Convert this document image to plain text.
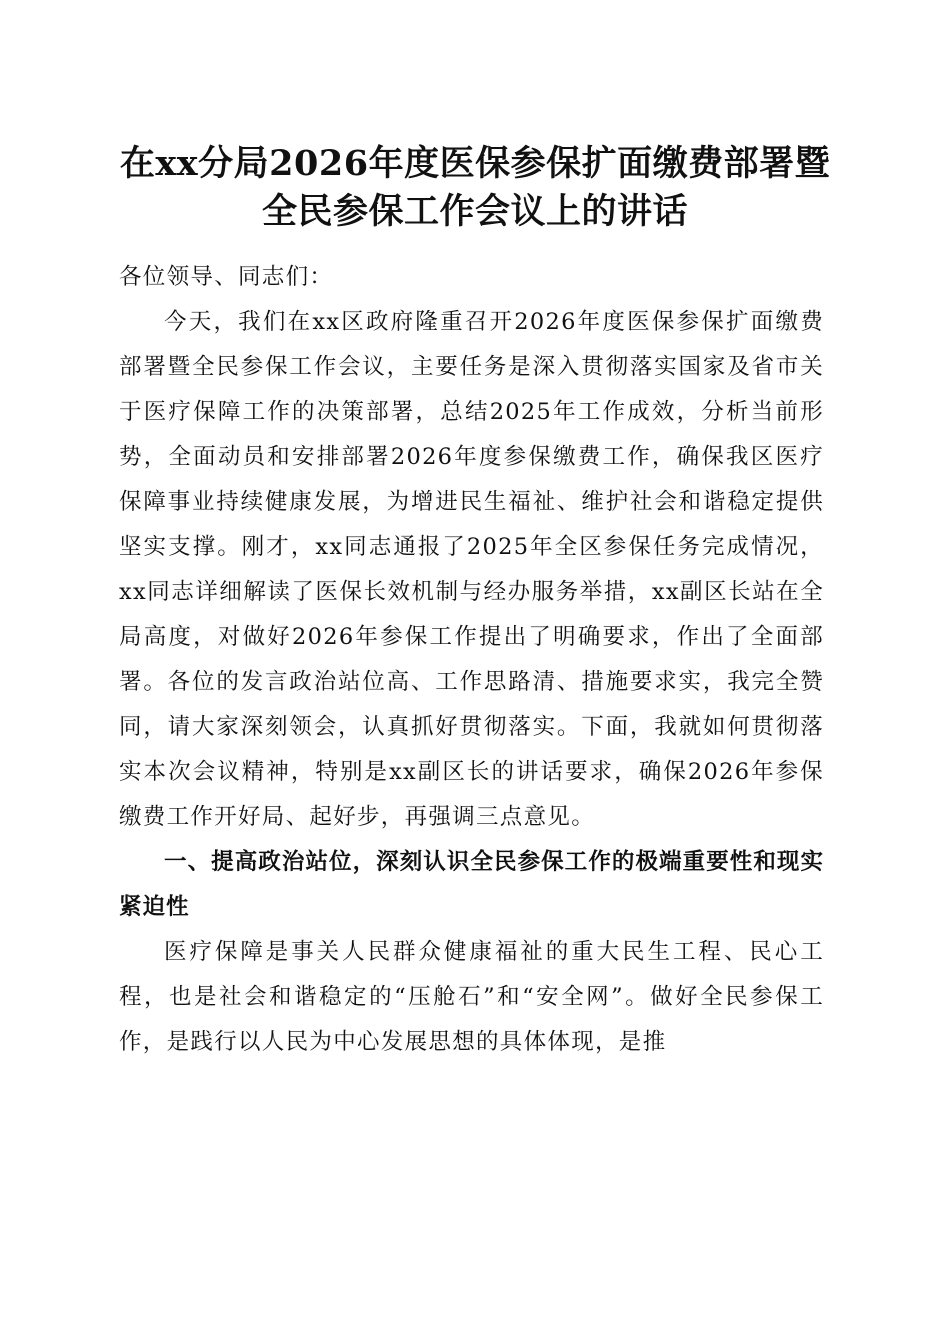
在xx分局2026年度医保参保扩面缴费部署暨
全民参保工作会议上的讲话

各位领导、同志们：

今天，我们在xx区政府隆重召开2026年度医保参保扩面缴费部署暨全民参保工作会议，主要任务是深入贯彻落实国家及省市关于医疗保障工作的决策部署，总结2025年工作成效，分析当前形势，全面动员和安排部署2026年度参保缴费工作，确保我区医疗保障事业持续健康发展，为增进民生福祉、维护社会和谐稳定提供坚实支撑。刚才，xx同志通报了2025年全区参保任务完成情况，xx同志详细解读了医保长效机制与经办服务举措，xx副区长站在全局高度，对做好2026年参保工作提出了明确要求，作出了全面部署。各位的发言政治站位高、工作思路清、措施要求实，我完全赞同，请大家深刻领会，认真抓好贯彻落实。下面，我就如何贯彻落实本次会议精神，特别是xx副区长的讲话要求，确保2026年参保缴费工作开好局、起好步，再强调三点意见。

一、提高政治站位，深刻认识全民参保工作的极端重要性和现实紧迫性

医疗保障是事关人民群众健康福祉的重大民生工程、民心工程，也是社会和谐稳定的“压舱石”和“安全网”。做好全民参保工作，是践行以人民为中心发展思想的具体体现，是推
